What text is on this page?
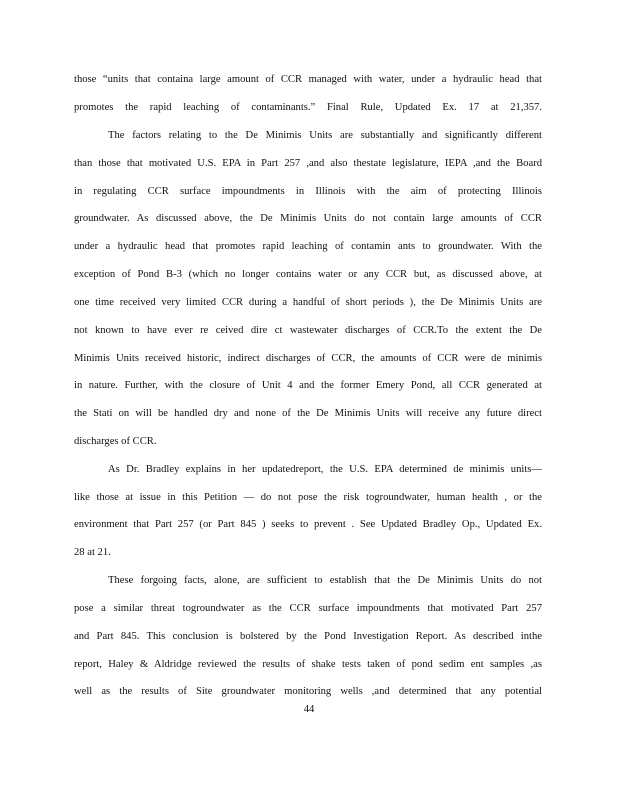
those “units that containa large amount of CCR managed with water, under a hydraulic head that
promotes the rapid leaching of contaminants.” Final Rule, Updated Ex. 17 at 21,357.
The factors relating to the De Minimis Units are substantially and significantly different
than those that motivated U.S. EPA in Part 257 ,and also thestate legislature, IEPA ,and the Board
in regulating CCR surface impoundments in Illinois with the aim of protecting Illinois
groundwater. As discussed above, the De Minimis Units do not contain large amounts of CCR
under a hydraulic head that promotes rapid leaching of contamin ants to groundwater. With the
exception of Pond B-3 (which no longer contains water or any CCR but, as discussed above, at
one time received very limited CCR during a handful of short periods ), the De Minimis Units are
not known to have ever re ceived dire ct wastewater discharges of CCR.To the extent the De
Minimis Units received historic, indirect discharges of CCR, the amounts of CCR were de minimis
in nature. Further, with the closure of Unit 4 and the former Emery Pond, all CCR generated at
the Stati on will be handled dry and none of the De Minimis Units will receive any future direct
discharges of CCR.
As Dr. Bradley explains in her updatedreport, the U.S. EPA determined de minimis units—
like those at issue in this Petition — do not pose the risk togroundwater, human health , or the
environment that Part 257 (or Part 845 ) seeks to prevent . See Updated Bradley Op., Updated Ex.
28 at 21.
These forgoing facts, alone, are sufficient to establish that the De Minimis Units do not
pose a similar threat togroundwater as the CCR surface impoundments that motivated Part 257
and Part 845. This conclusion is bolstered by the Pond Investigation Report. As described inthe
report, Haley & Aldridge reviewed the results of shake tests taken of pond sedim ent samples ,as
well as the results of Site groundwater monitoring wells ,and determined that any potential
44
